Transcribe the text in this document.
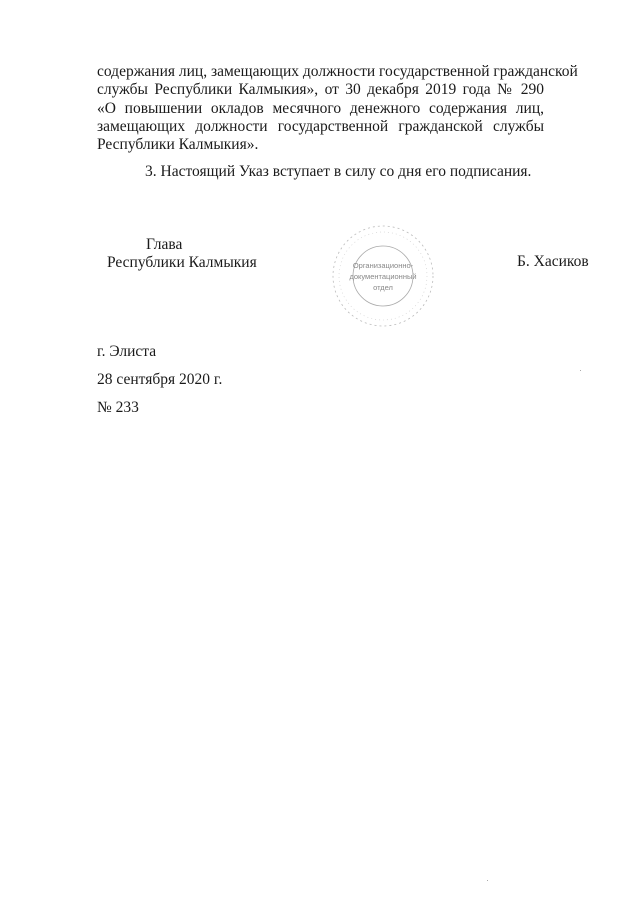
содержания лиц, замещающих должности государственной гражданской
службы Республики Калмыкия», от 30 декабря 2019 года № 290
«О повышении окладов месячного денежного содержания лиц,
замещающих должности государственной гражданской службы
Республики Калмыкия».
3. Настоящий Указ вступает в силу со дня его подписания.
Глава
Республики Калмыкия	Б. Хасиков
Организационно-
документационный
отдел
г. Элиста
28 сентября 2020 г.
№ 233
